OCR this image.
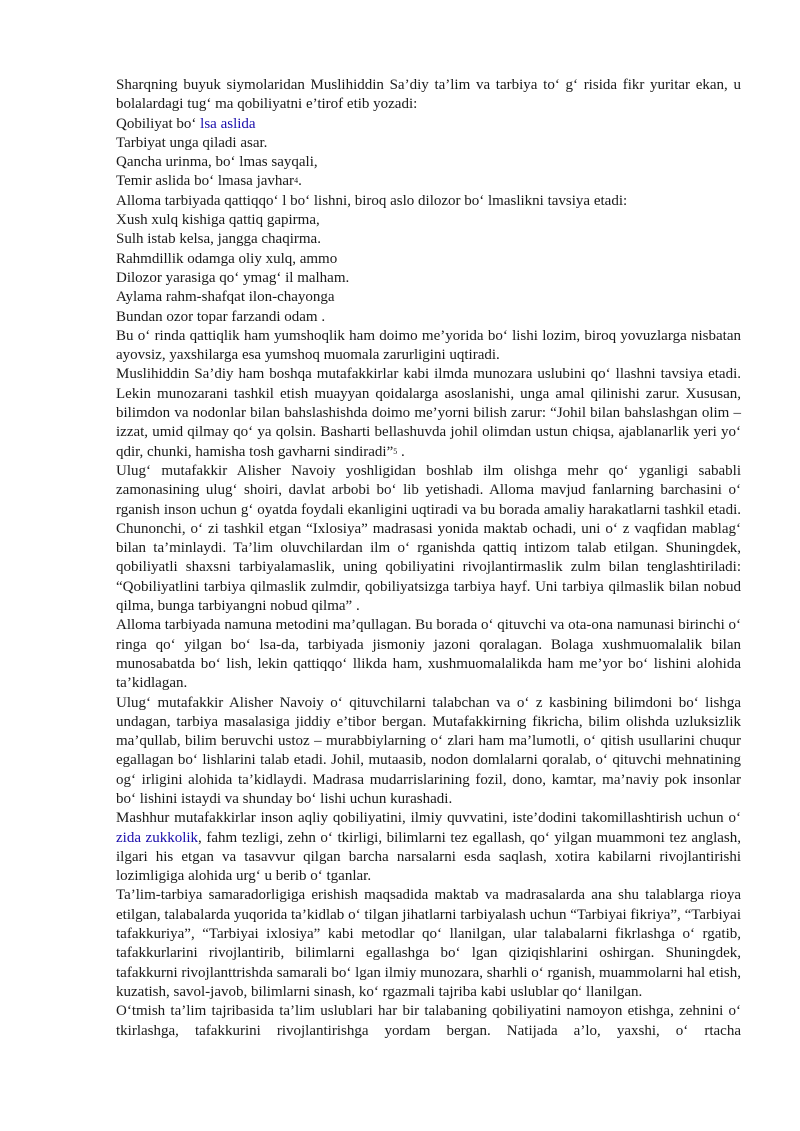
Sharqning buyuk siymolaridan Muslihiddin Sa’diy ta’lim va tarbiya to‘ g‘ risida fikr yuritar ekan, u bolalardagi tug‘ ma qobiliyatni e’tirof etib yozadi:

Qobiliyat bo‘ lsa aslida
Tarbiyat unga qiladi asar.
Qancha urinma, bo‘ lmas sayqali,
Temir aslida bo‘ lmasa javhar$^4$.

Alloma tarbiyada qattiqqo‘ l bo‘ lishni, biroq aslo dilozor bo‘ lmaslikni tavsiya etadi:

Xush xulq kishiga qattiq gapirma,
Sulh istab kelsa, jangga chaqirma.
Rahmdillik odamga oliy xulq, ammo
Dilozor yarasiga qo‘ ymag‘ il malham.
Aylama rahm-shafqat ilon-chayonga
Bundan ozor topar farzandi odam .

Bu o‘ rinda qattiqlik ham yumshoqlik ham doimo me’yorida bo‘ lishi lozim, biroq yovuzlarga nisbatan ayovsiz, yaxshilarga esa yumshoq muomala zarurligini uqtiradi.

Muslihiddin Sa’diy ham boshqa mutafakkirlar kabi ilmda munozara uslubini qo‘ llashni tavsiya etadi. Lekin munozarani tashkil etish muayyan qoidalarga asoslanishi, unga amal qilinishi zarur. Xususan, bilimdon va nodonlar bilan bahslashishda doimo me’yorni bilish zarur: “Johil bilan bahslashgan olim – izzat, umid qilmay qo‘ ya qolsin. Basharti bellashuvda johil olimdan ustun chiqsa, ajablanarlik yeri yo‘ qdir, chunki, hamisha tosh gavharni sindiradi”$^5$ .

Ulug‘ mutafakkir Alisher Navoiy yoshligidan boshlab ilm olishga mehr qo‘ yganligi sababli zamonasining ulug‘ shoiri, davlat arbobi bo‘ lib yetishadi. Alloma mavjud fanlarning barchasini o‘ rganish inson uchun g‘ oyatda foydali ekanligini uqtiradi va bu borada amaliy harakatlarni tashkil etadi. Chunonchi, o‘ zi tashkil etgan “Ixlosiya” madrasasi yonida maktab ochadi, uni o‘ z vaqfidan mablag‘ bilan ta’minlaydi. Ta’lim oluvchilardan ilm o‘ rganishda qattiq intizom talab etilgan. Shuningdek, qobiliyatli shaxsni tarbiyalamaslik, uning qobiliyatini rivojlantirmaslik zulm bilan tenglashtiriladi: “Qobiliyatlini tarbiya qilmaslik zulmdir, qobiliyatsizga tarbiya hayf. Uni tarbiya qilmaslik bilan nobud qilma, bunga tarbiyangni nobud qilma” .

Alloma tarbiyada namuna metodini ma’qullagan. Bu borada o‘ qituvchi va ota-ona namunasi birinchi o‘ ringa qo‘ yilgan bo‘ lsa-da, tarbiyada jismoniy jazoni qoralagan. Bolaga xushmuomalalik bilan munosabatda bo‘ lish, lekin qattiqqo‘ llikda ham, xushmuomalalikda ham me’yor bo‘ lishini alohida ta’kidlagan.

Ulug‘ mutafakkir Alisher Navoiy o‘ qituvchilarni talabchan va o‘ z kasbining bilimdoni bo‘ lishga undagan, tarbiya masalasiga jiddiy e’tibor bergan. Mutafakkirning fikricha, bilim olishda uzluksizlik ma’qullab, bilim beruvchi ustoz – murabbiylarning o‘ zlari ham ma’lumotli, o‘ qitish usullarini chuqur egallagan bo‘ lishlarini talab etadi. Johil, mutaasib, nodon domlalarni qoralab, o‘ qituvchi mehnatining og‘ irligini alohida ta’kidlaydi. Madrasa mudarrislarining fozil, dono, kamtar, ma’naviy pok insonlar bo‘ lishini istaydi va shunday bo‘ lishi uchun kurashadi.

Mashhur mutafakkirlar inson aqliy qobiliyatini, ilmiy quvvatini, iste’dodini takomillashtirish uchun o‘ zida zukkolik, fahm tezligi, zehn o‘ tkirligi, bilimlarni tez egallash, qo‘ yilgan muammoni tez anglash, ilgari his etgan va tasavvur qilgan barcha narsalarni esda saqlash, xotira kabilarni rivojlantirishi lozimligiga alohida urg‘ u berib o‘ tganlar.

Ta’lim-tarbiya samaradorligiga erishish maqsadida maktab va madrasalarda ana shu talablarga rioya etilgan, talabalarda yuqorida ta’kidlab o‘ tilgan jihatlarni tarbiyalash uchun “Tarbiyai fikriya”, “Tarbiyai tafakkuriya”, “Tarbiyai ixlosiya” kabi metodlar qo‘ llanilgan, ular talabalarni fikrlashga o‘ rgatib, tafakkurlarini rivojlantirib, bilimlarni egallashga bo‘ lgan qiziqishlarini oshirgan. Shuningdek, tafakkurni rivojlanttrishda samarali bo‘ lgan ilmiy munozara, sharhli o‘ rganish, muammolarni hal etish, kuzatish, savol-javob, bilimlarni sinash, ko‘ rgazmali tajriba kabi uslublar qo‘ llanilgan.

O‘tmish ta’lim tajribasida ta’lim uslublari har bir talabaning qobiliyatini namoyon etishga, zehnini o‘ tkirlashga, tafakkurini rivojlantirishga yordam bergan. Natijada a’lo, yaxshi, o‘ rtacha
